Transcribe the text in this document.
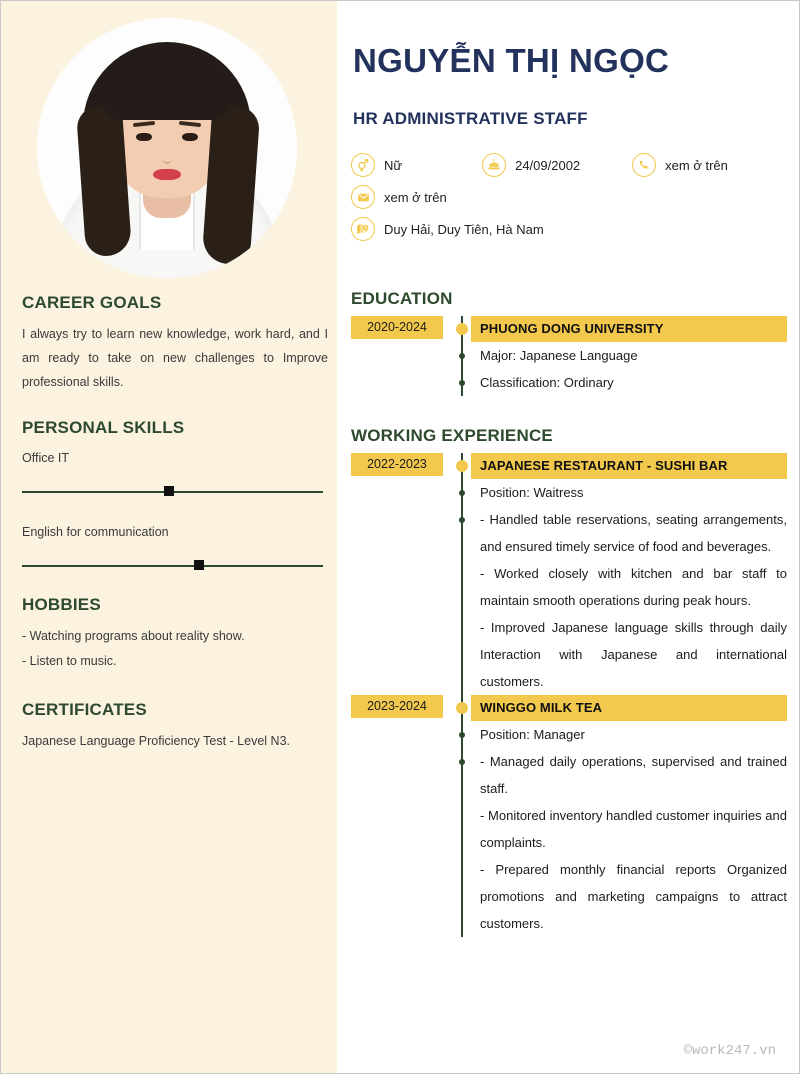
CAREER GOALS

I always try to learn new knowledge, work hard, and I am ready to take on new challenges to Improve professional skills.

PERSONAL SKILLS

Office IT

English for communication

HOBBIES

- Watching programs about reality show.

- Listen to music.

CERTIFICATES

Japanese Language Proficiency Test - Level N3.

NGUYỄN THỊ NGỌC
HR ADMINISTRATIVE STAFF
Nữ	24/09/2002	xem ở trên
xem ở trên
Duy Hải, Duy Tiên, Hà Nam
EDUCATION
2020-2024	PHUONG DONG UNIVERSITY

Major: Japanese Language

Classification: Ordinary

WORKING EXPERIENCE
2022-2023	JAPANESE RESTAURANT - SUSHI BAR

Position: Waitress

- Handled table reservations, seating arrangements, and ensured timely service of food and beverages.

- Worked closely with kitchen and bar staff to maintain smooth operations during peak hours.

- Improved Japanese language skills through daily Interaction with Japanese and international customers.

2023-2024	WINGGO MILK TEA

Position: Manager

- Managed daily operations, supervised and trained staff.

- Monitored inventory handled customer inquiries and complaints.

- Prepared monthly financial reports Organized promotions and marketing campaigns to attract customers.

©work247.vn
